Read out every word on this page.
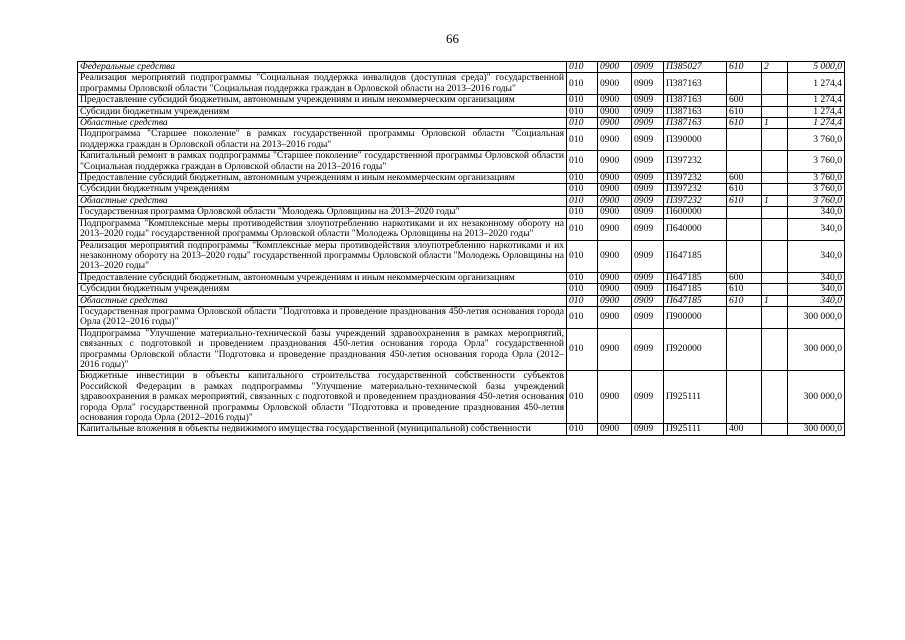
66
Федеральные средства	010	0900	0909	П385027	610	2	5 000,0
Реализация мероприятий подпрограммы "Социальная поддержка инвалидов (доступная среда)" государственной программы Орловской области "Социальная поддержка граждан в Орловской области на 2013–2016 годы"	010	0900	0909	П387163			1 274,4
Предоставление субсидий бюджетным, автономным учреждениям и иным некоммерческим организациям	010	0900	0909	П387163	600		1 274,4
Субсидии бюджетным учреждениям	010	0900	0909	П387163	610		1 274,4
Областные средства	010	0900	0909	П387163	610	1	1 274,4
Подпрограмма "Старшее поколение" в рамках государственной программы Орловской области "Социальная поддержка граждан в Орловской области на 2013–2016 годы"	010	0900	0909	П390000			3 760,0
Капитальный ремонт в рамках подпрограммы "Старшее поколение" государственной программы Орловской области "Социальная поддержка граждан в Орловской области на 2013–2016 годы"	010	0900	0909	П397232			3 760,0
Предоставление субсидий бюджетным, автономным учреждениям и иным некоммерческим организациям	010	0900	0909	П397232	600		3 760,0
Субсидии бюджетным учреждениям	010	0900	0909	П397232	610		3 760,0
Областные средства	010	0900	0909	П397232	610	1	3 760,0
Государственная программа Орловской области "Молодежь Орловщины на 2013–2020 годы"	010	0900	0909	П600000			340,0
Подпрограмма "Комплексные меры противодействия злоупотреблению наркотиками и их незаконному обороту на 2013–2020 годы" государственной программы Орловской области "Молодежь Орловщины на 2013–2020 годы"	010	0900	0909	П640000			340,0
Реализация мероприятий подпрограммы "Комплексные меры противодействия злоупотреблению наркотиками и их незаконному обороту на 2013–2020 годы" государственной программы Орловской области "Молодежь Орловщины на 2013–2020 годы"	010	0900	0909	П647185			340,0
Предоставление субсидий бюджетным, автономным учреждениям и иным некоммерческим организациям	010	0900	0909	П647185	600		340,0
Субсидии бюджетным учреждениям	010	0900	0909	П647185	610		340,0
Областные средства	010	0900	0909	П647185	610	1	340,0
Государственная программа Орловской области "Подготовка и проведение празднования 450-летия основания города Орла (2012–2016 годы)"	010	0900	0909	П900000			300 000,0
Подпрограмма "Улучшение материально-технической базы учреждений здравоохранения в рамках мероприятий, связанных с подготовкой и проведением празднования 450-летия основания города Орла" государственной программы Орловской области "Подготовка и проведение празднования 450-летия основания города Орла (2012–2016 годы)"	010	0900	0909	П920000			300 000,0
Бюджетные инвестиции в объекты капитального строительства государственной собственности субъектов Российской Федерации в рамках подпрограммы "Улучшение материально-технической базы учреждений здравоохранения в рамках мероприятий, связанных с подготовкой и проведением празднования 450-летия основания города Орла" государственной программы Орловской области "Подготовка и проведение празднования 450-летия основания города Орла (2012–2016 годы)"	010	0900	0909	П925111			300 000,0
Капитальные вложения в объекты недвижимого имущества государственной (муниципальной) собственности	010	0900	0909	П925111	400		300 000,0
